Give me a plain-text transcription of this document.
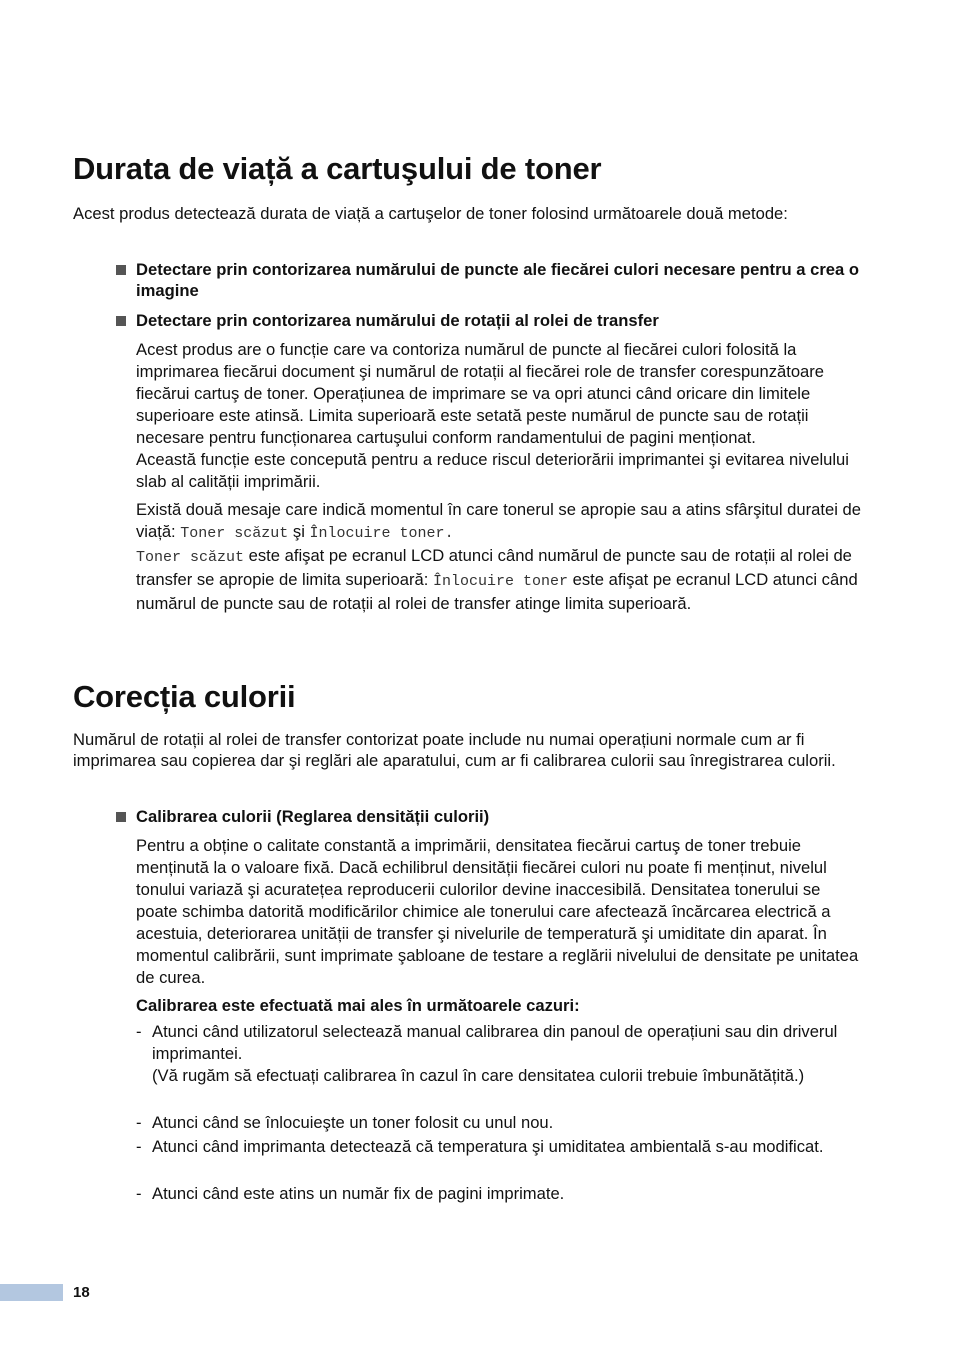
Durata de viață a cartuşului de toner

Acest produs detectează durata de viață a cartuşelor de toner folosind următoarele două metode:

Detectare prin contorizarea numărului de puncte ale fiecărei culori necesare pentru a crea o imagine

Detectare prin contorizarea numărului de rotații al rolei de transfer

Acest produs are o funcție care va contoriza numărul de puncte al fiecărei culori folosită la imprimarea fiecărui document şi numărul de rotații al fiecărei role de transfer corespunzătoare fiecărui cartuş de toner. Operațiunea de imprimare se va opri atunci când oricare din limitele superioare este atinsă. Limita superioară este setată peste numărul de puncte sau de rotații necesare pentru funcționarea cartuşului conform randamentului de pagini menționat.

Această funcție este concepută pentru a reduce riscul deteriorării imprimantei şi evitarea nivelului slab al calității imprimării.

Există două mesaje care indică momentul în care tonerul se apropie sau a atins sfârşitul duratei de viață: Toner scăzut şi Înlocuire toner.
Toner scăzut este afişat pe ecranul LCD atunci când numărul de puncte sau de rotații al rolei de transfer se apropie de limita superioară: Înlocuire toner este afişat pe ecranul LCD atunci când numărul de puncte sau de rotații al rolei de transfer atinge limita superioară.

Corecția culorii

Numărul de rotații al rolei de transfer contorizat poate include nu numai operațiuni normale cum ar fi imprimarea sau copierea dar şi reglări ale aparatului, cum ar fi calibrarea culorii sau înregistrarea culorii.

Calibrarea culorii (Reglarea densității culorii)

Pentru a obține o calitate constantă a imprimării, densitatea fiecărui cartuş de toner trebuie menținută la o valoare fixă. Dacă echilibrul densității fiecărei culori nu poate fi menținut, nivelul tonului variază şi acuratețea reproducerii culorilor devine inaccesibilă. Densitatea tonerului se poate schimba datorită modificărilor chimice ale tonerului care afectează încărcarea electrică a acestuia, deteriorarea unității de transfer şi nivelurile de temperatură şi umiditate din aparat. În momentul calibrării, sunt imprimate şabloane de testare a reglării nivelului de densitate pe unitatea de curea.

Calibrarea este efectuată mai ales în următoarele cazuri:

- Atunci când utilizatorul selectează manual calibrarea din panoul de operațiuni sau din driverul imprimantei.

(Vă rugăm să efectuați calibrarea în cazul în care densitatea culorii trebuie îmbunătățită.)

- Atunci când se înlocuieşte un toner folosit cu unul nou.

- Atunci când imprimanta detectează că temperatura şi umiditatea ambientală s-au modificat.

- Atunci când este atins un număr fix de pagini imprimate.

18
